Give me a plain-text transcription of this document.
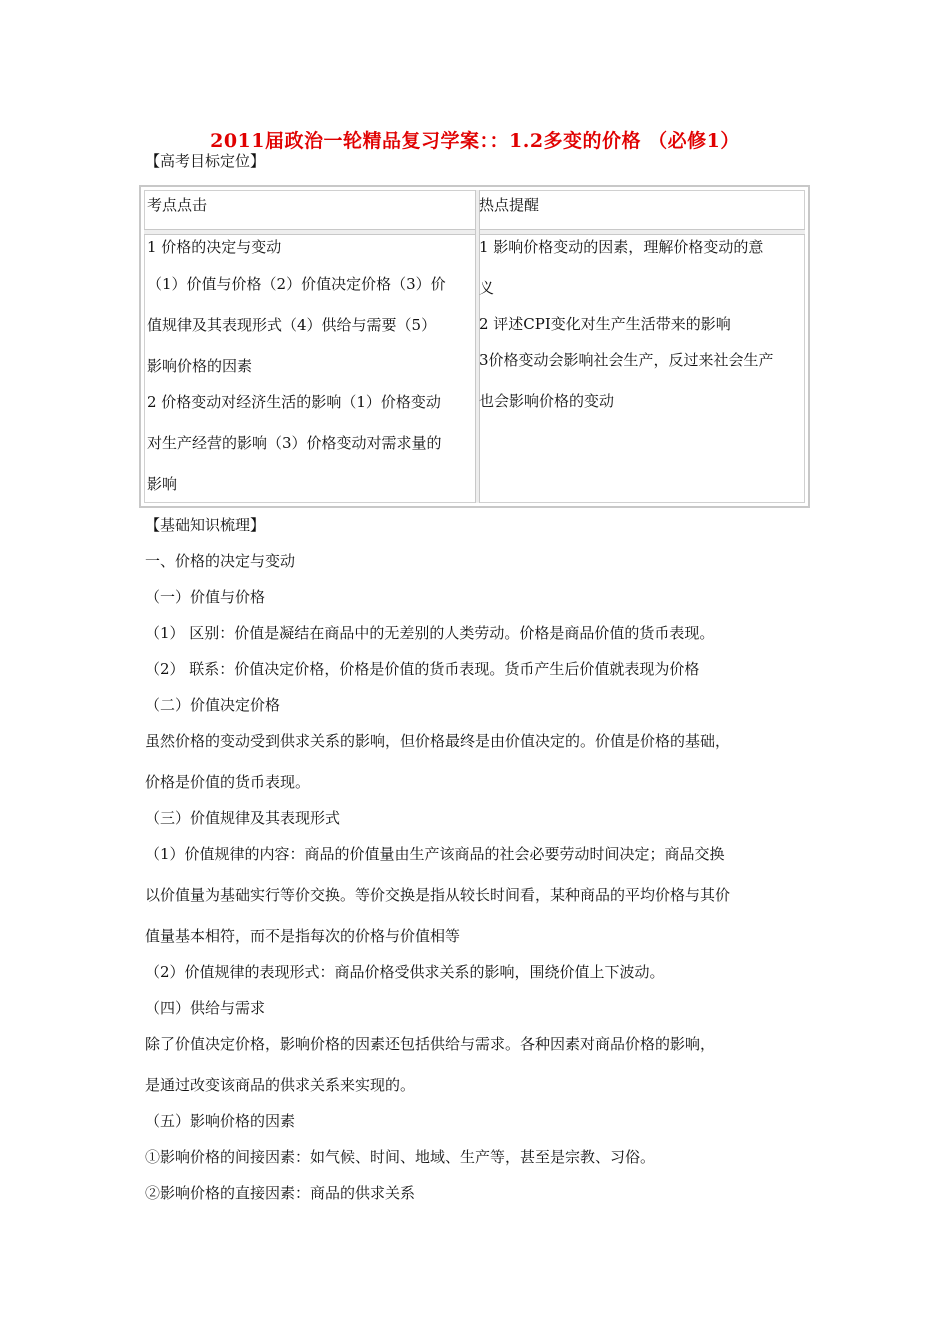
2011届政治一轮精品复习学案：：1.2多变的价格 （必修1）
【高考目标定位】
考点点击	热点提醒
1 价格的决定与变动
（1）价值与价格（2）价值决定价格（3）价
值规律及其表现形式（4）供给与需要（5）
影响价格的因素
2 价格变动对经济生活的影响（1）价格变动
对生产经营的影响（3）价格变动对需求量的
影响
1 影响价格变动的因素，理解价格变动的意
义
2 评述CPI变化对生产生活带来的影响
3价格变动会影响社会生产，反过来社会生产
也会影响价格的变动
【基础知识梳理】
一、价格的决定与变动
（一）价值与价格
（1） 区别：价值是凝结在商品中的无差别的人类劳动。价格是商品价值的货币表现。
（2） 联系：价值决定价格，价格是价值的货币表现。货币产生后价值就表现为价格
（二）价值决定价格
虽然价格的变动受到供求关系的影响，但价格最终是由价值决定的。价值是价格的基础，
价格是价值的货币表现。
（三）价值规律及其表现形式
（1）价值规律的内容：商品的价值量由生产该商品的社会必要劳动时间决定；商品交换
以价值量为基础实行等价交换。等价交换是指从较长时间看，某种商品的平均价格与其价
值量基本相符，而不是指每次的价格与价值相等
（2）价值规律的表现形式：商品价格受供求关系的影响，围绕价值上下波动。
（四）供给与需求
除了价值决定价格，影响价格的因素还包括供给与需求。各种因素对商品价格的影响，
是通过改变该商品的供求关系来实现的。
（五）影响价格的因素
①影响价格的间接因素：如气候、时间、地域、生产等，甚至是宗教、习俗。
②影响价格的直接因素：商品的供求关系
